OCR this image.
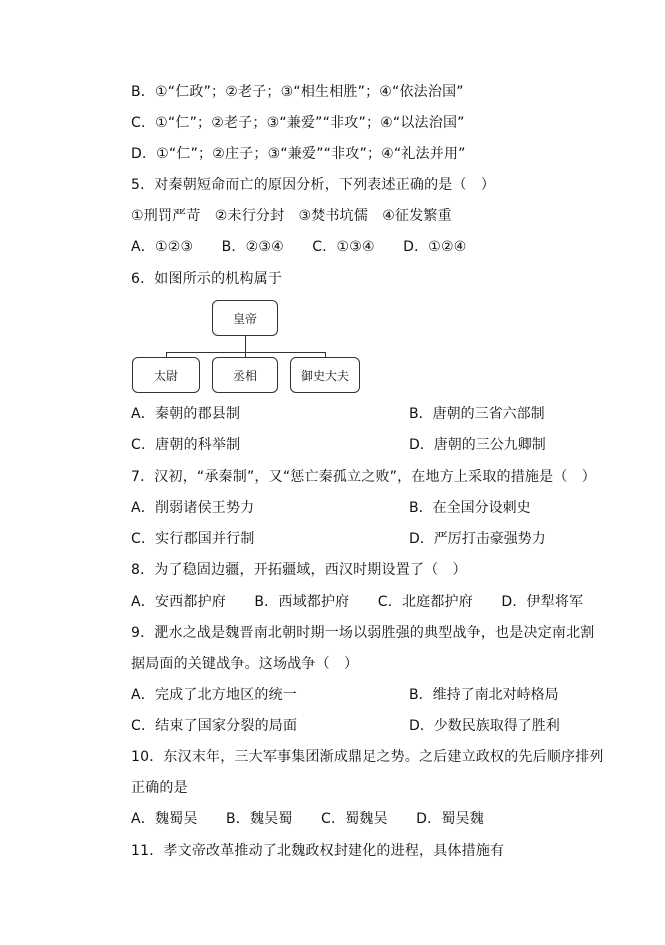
B．①“仁政”；②老子；③“相生相胜”；④“依法治国”
C．①“仁”；②老子；③“兼爱”“非攻”；④“以法治国”
D．①“仁”；②庄子；③“兼爱”“非攻”；④“礼法并用”
5．对秦朝短命而亡的原因分析，下列表述正确的是（　）
①刑罚严苛　②未行分封　③焚书坑儒　④征发繁重
A．①②③　　B．②③④　　C．①③④　　D．①②④
6．如图所示的机构属于
皇帝
太尉	丞相	御史大夫
A．秦朝的郡县制	B．唐朝的三省六部制
C．唐朝的科举制	D．唐朝的三公九卿制
7．汉初，“承秦制”，又“惩亡秦孤立之败”，在地方上采取的措施是（　）
A．削弱诸侯王势力	B．在全国分设刺史
C．实行郡国并行制	D．严厉打击豪强势力
8．为了稳固边疆，开拓疆域，西汉时期设置了（　）
A．安西都护府　　B．西域都护府　　C．北庭都护府　　D．伊犁将军
9．淝水之战是魏晋南北朝时期一场以弱胜强的典型战争，也是决定南北割
据局面的关键战争。这场战争（　）
A．完成了北方地区的统一	B．维持了南北对峙格局
C．结束了国家分裂的局面	D．少数民族取得了胜利
10．东汉末年，三大军事集团渐成鼎足之势。之后建立政权的先后顺序排列
正确的是
A．魏蜀吴　　B．魏吴蜀　　C．蜀魏吴　　D．蜀吴魏
11．孝文帝改革推动了北魏政权封建化的进程，具体措施有
